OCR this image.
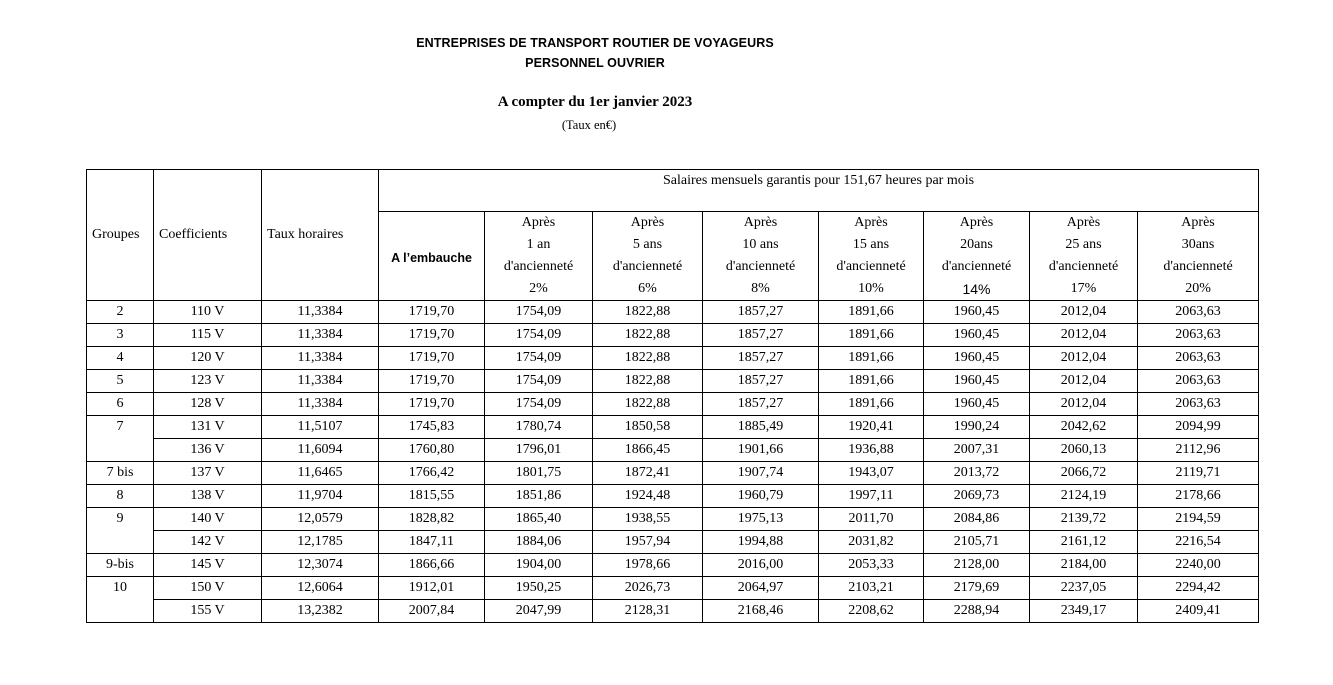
ENTREPRISES DE TRANSPORT ROUTIER DE VOYAGEURS
PERSONNEL OUVRIER
A compter du 1er janvier 2023
(Taux en€)
Groupes	Coefficients	Taux horaires	Salaires mensuels garantis pour 151,67 heures par mois							
			A l’embauche	Après	Après	Après	Après	Après	Après	Après
				1 an	5 ans	10 ans	15 ans	20ans	25 ans	30ans
				d'ancienneté	d'ancienneté	d'ancienneté	d'ancienneté	d'ancienneté	d'ancienneté	d'ancienneté
				2%	6%	8%	10%	14%	17%	20%
2	110 V	11,3384	1719,70	1754,09	1822,88	1857,27	1891,66	1960,45	2012,04	2063,63
3	115 V	11,3384	1719,70	1754,09	1822,88	1857,27	1891,66	1960,45	2012,04	2063,63
4	120 V	11,3384	1719,70	1754,09	1822,88	1857,27	1891,66	1960,45	2012,04	2063,63
5	123 V	11,3384	1719,70	1754,09	1822,88	1857,27	1891,66	1960,45	2012,04	2063,63
6	128 V	11,3384	1719,70	1754,09	1822,88	1857,27	1891,66	1960,45	2012,04	2063,63
7	131 V	11,5107	1745,83	1780,74	1850,58	1885,49	1920,41	1990,24	2042,62	2094,99
	136 V	11,6094	1760,80	1796,01	1866,45	1901,66	1936,88	2007,31	2060,13	2112,96
7 bis	137 V	11,6465	1766,42	1801,75	1872,41	1907,74	1943,07	2013,72	2066,72	2119,71
8	138 V	11,9704	1815,55	1851,86	1924,48	1960,79	1997,11	2069,73	2124,19	2178,66
9	140 V	12,0579	1828,82	1865,40	1938,55	1975,13	2011,70	2084,86	2139,72	2194,59
	142 V	12,1785	1847,11	1884,06	1957,94	1994,88	2031,82	2105,71	2161,12	2216,54
9-bis	145 V	12,3074	1866,66	1904,00	1978,66	2016,00	2053,33	2128,00	2184,00	2240,00
10	150 V	12,6064	1912,01	1950,25	2026,73	2064,97	2103,21	2179,69	2237,05	2294,42
	155 V	13,2382	2007,84	2047,99	2128,31	2168,46	2208,62	2288,94	2349,17	2409,41
